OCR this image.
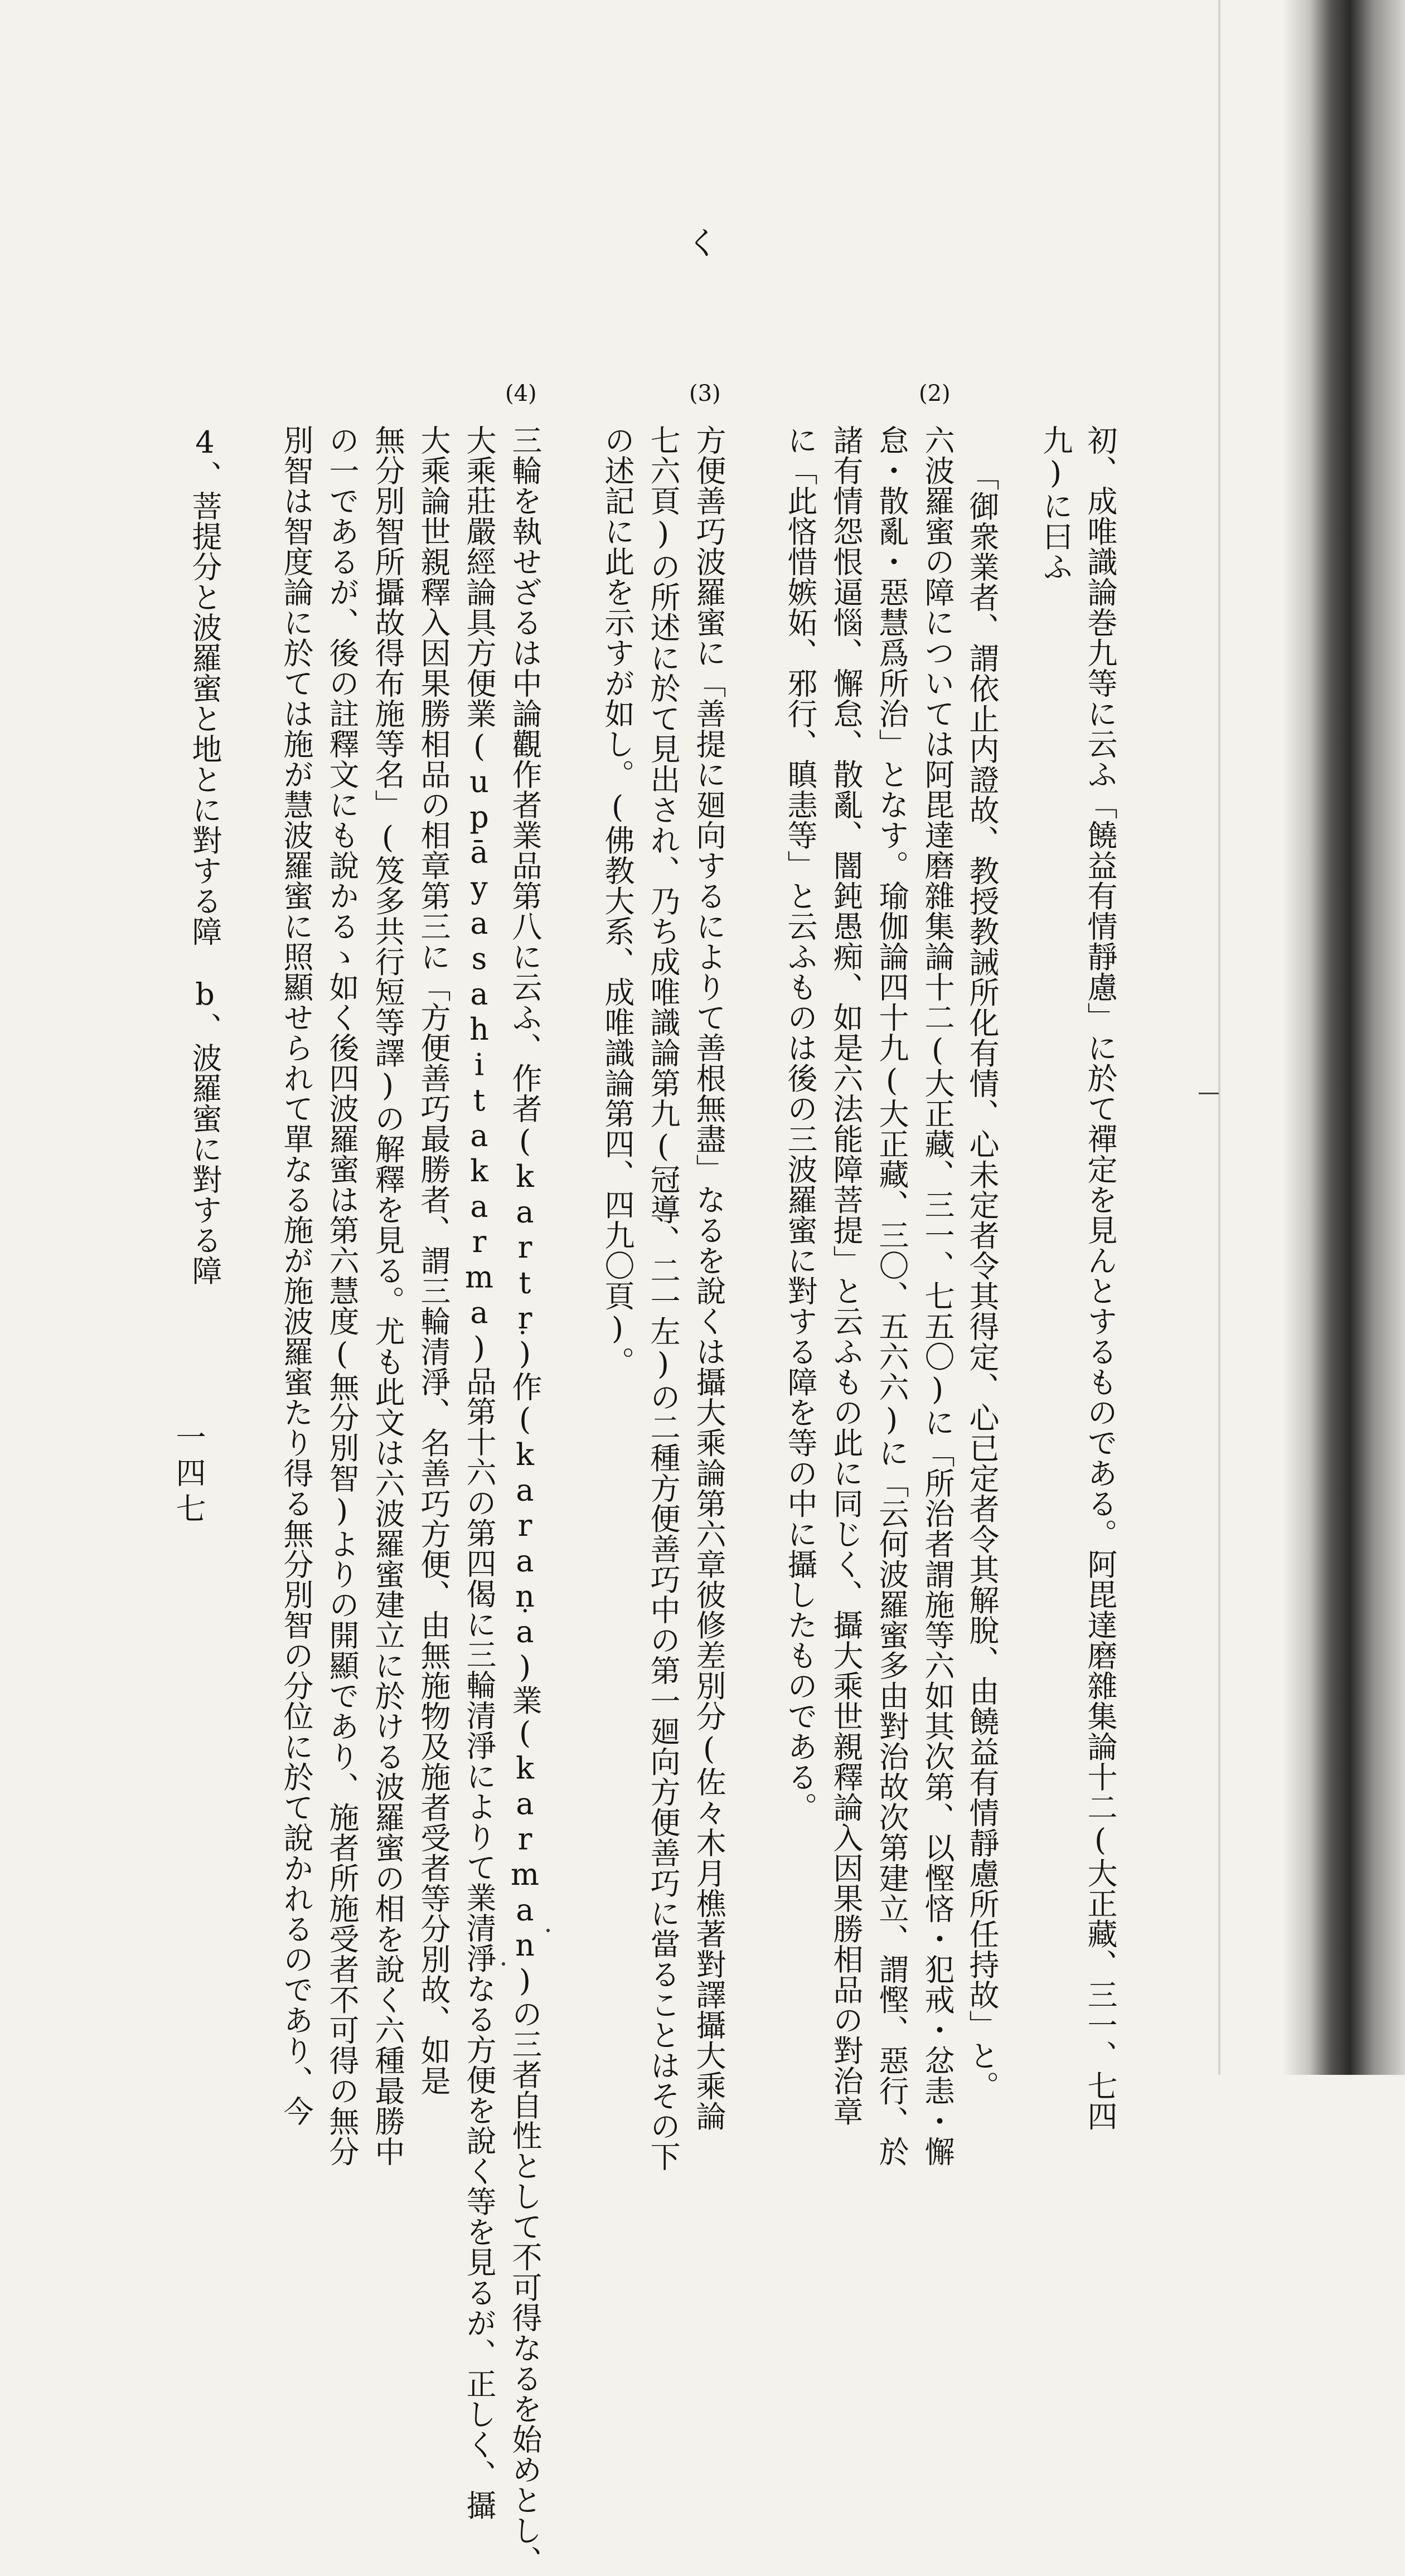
く
(2)
(3)
(4)
初、成唯識論巻九等に云ふ「饒益有情靜慮」に於て禪定を見んとするものである。阿毘達磨雜集論十二(大正藏、三一、七四
九)に曰ふ
「御衆業者、謂依止内證故、教授教誡所化有情、心未定者令其得定、心已定者令其解脫、由饒益有情靜慮所任持故」と。
六波羅蜜の障については阿毘達磨雜集論十二(大正藏、三一、七五〇)に「所治者謂施等六如其次第、以慳悋・犯戒・忿恚・懈
怠・散亂・惡慧爲所治」となす。瑜伽論四十九(大正藏、三〇、五六六)に「云何波羅蜜多由對治故次第建立、謂慳、惡行、於
諸有情怨恨逼惱、懈怠、散亂、闇鈍愚痴、如是六法能障菩提」と云ふもの此に同じく、攝大乘世親釋論入因果勝相品の對治章
に「此悋惜嫉妬、邪行、瞋恚等」と云ふものは後の三波羅蜜に對する障を等の中に攝したものである。
方便善巧波羅蜜に「善提に廻向するによりて善根無盡」なるを說くは攝大乘論第六章彼修差別分(佐々木月樵著對譯攝大乘論
七六頁)の所述に於て見出され、乃ち成唯識論第九(冠導、二一左)の二種方便善巧中の第一廻向方便善巧に當ることはその下
の述記に此を示すが如し。(佛教大系、成唯識論第四、四九〇頁)。
三輪を執せざるは中論觀作者業品第八に云ふ、作者(kartṛ)作(karaṇa)業(karman)の三者自性として不可得なるを始めとし、
大乘莊嚴經論具方便業(upāyasahitakarma)品第十六の第四偈に三輪清淨によりて業清淨なる方便を說く等を見るが、正しく、攝
大乘論世親釋入因果勝相品の相章第三に「方便善巧最勝者、謂三輪清淨、名善巧方便、由無施物及施者受者等分別故、如是
無分別智所攝故得布施等名」(笈多共行短等譯)の解釋を見る。尤も此文は六波羅蜜建立に於ける波羅蜜の相を說く六種最勝中
の一であるが、後の註釋文にも說かるゝ如く後四波羅蜜は第六慧度(無分別智)よりの開顯であり、施者所施受者不可得の無分
別智は智度論に於ては施が慧波羅蜜に照顯せられて單なる施が施波羅蜜たり得る無分別智の分位に於て說かれるのであり、今
4、菩提分と波羅蜜と地とに對する障　b、波羅蜜に對する障
一四七
